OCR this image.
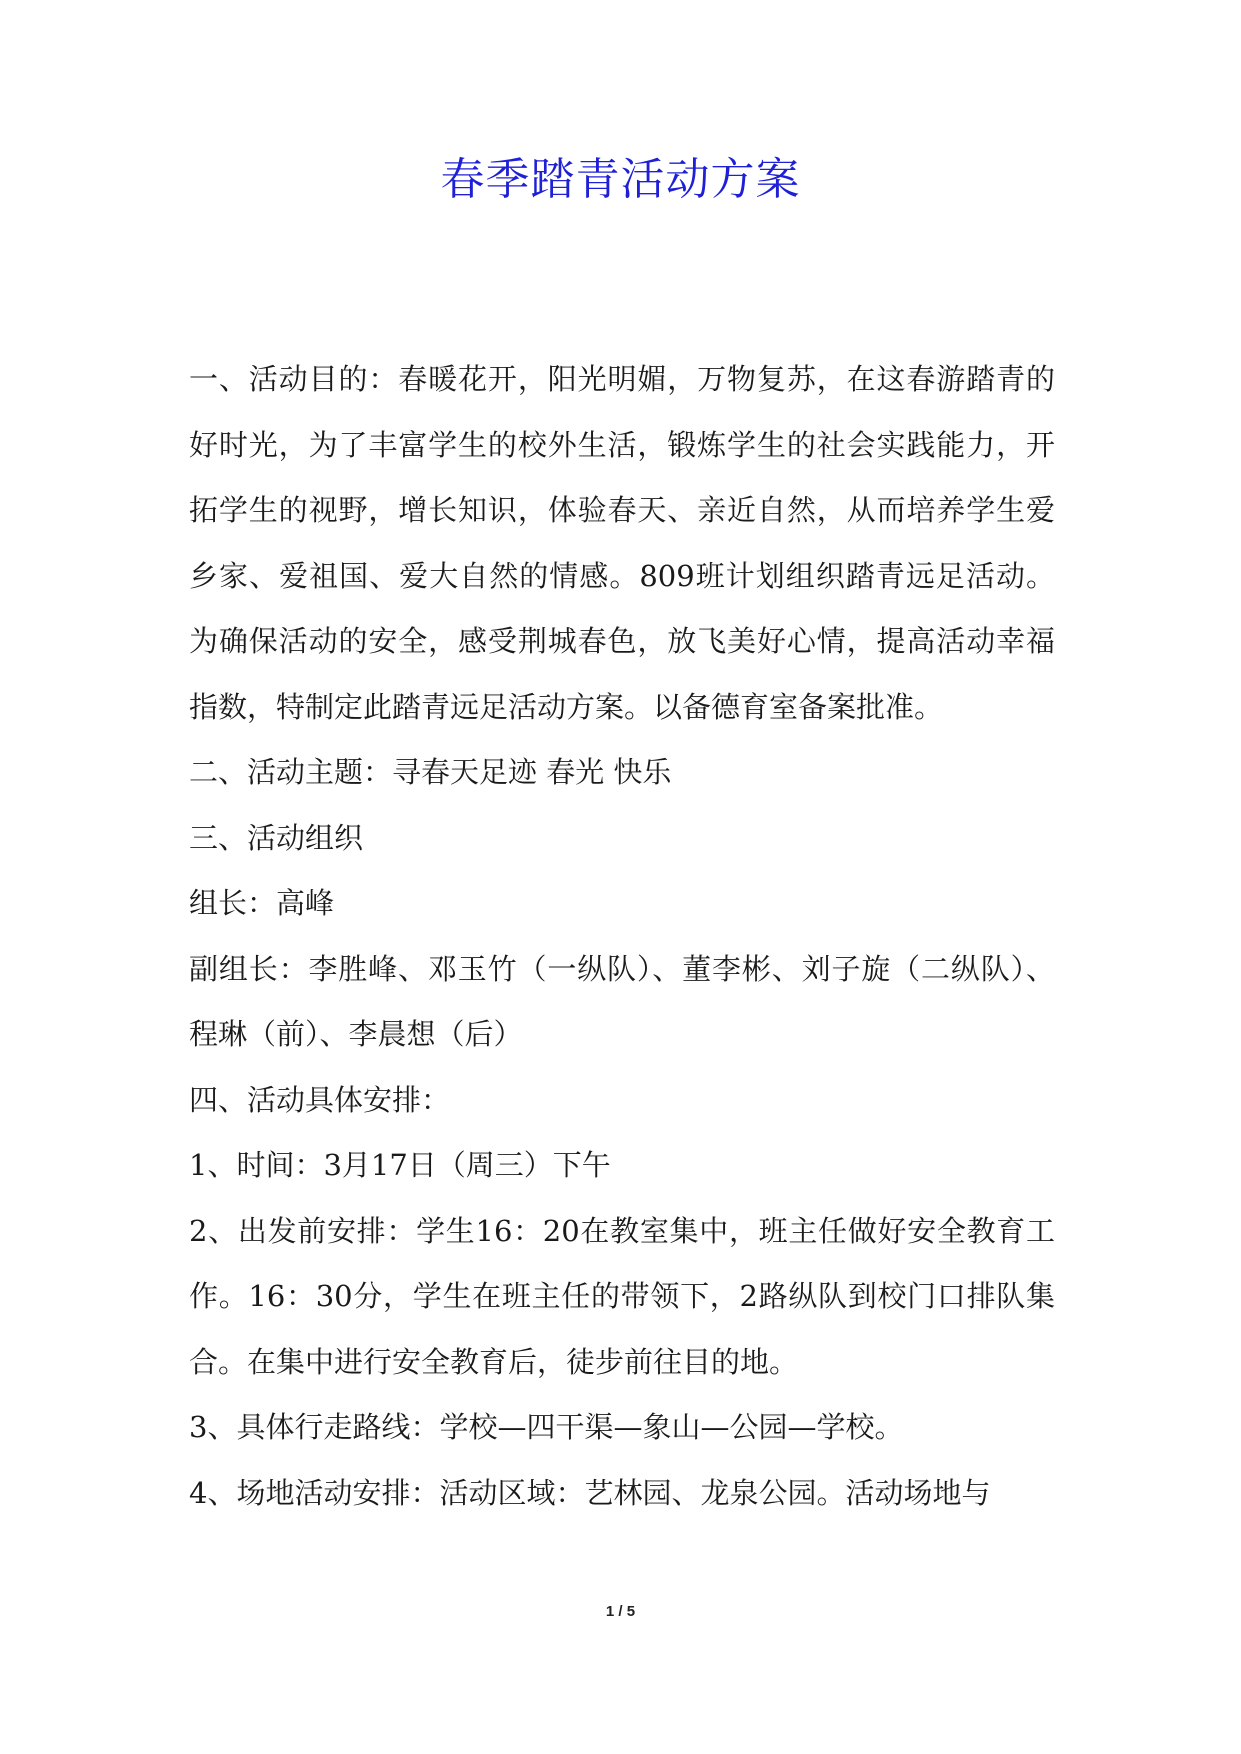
春季踏青活动方案

一、活动目的：春暖花开，阳光明媚，万物复苏，在这春游踏青的好时光，为了丰富学生的校外生活，锻炼学生的社会实践能力，开拓学生的视野，增长知识，体验春天、亲近自然，从而培养学生爱乡家、爱祖国、爱大自然的情感。809班计划组织踏青远足活动。为确保活动的安全，感受荆城春色，放飞美好心情，提高活动幸福指数，特制定此踏青远足活动方案。以备德育室备案批准。

二、活动主题：寻春天足迹 春光 快乐

三、活动组织

组长：高峰

副组长：李胜峰、邓玉竹（一纵队）、董李彬、刘子旋（二纵队）、程琳（前）、李晨想（后）

四、活动具体安排：

1、时间：3月17日（周三）下午

2、出发前安排：学生16：20在教室集中，班主任做好安全教育工作。16：30分，学生在班主任的带领下，2路纵队到校门口排队集合。在集中进行安全教育后，徒步前往目的地。

3、具体行走路线：学校—四干渠—象山—公园—学校。

4、场地活动安排：活动区域：艺林园、龙泉公园。活动场地与

1 / 5
